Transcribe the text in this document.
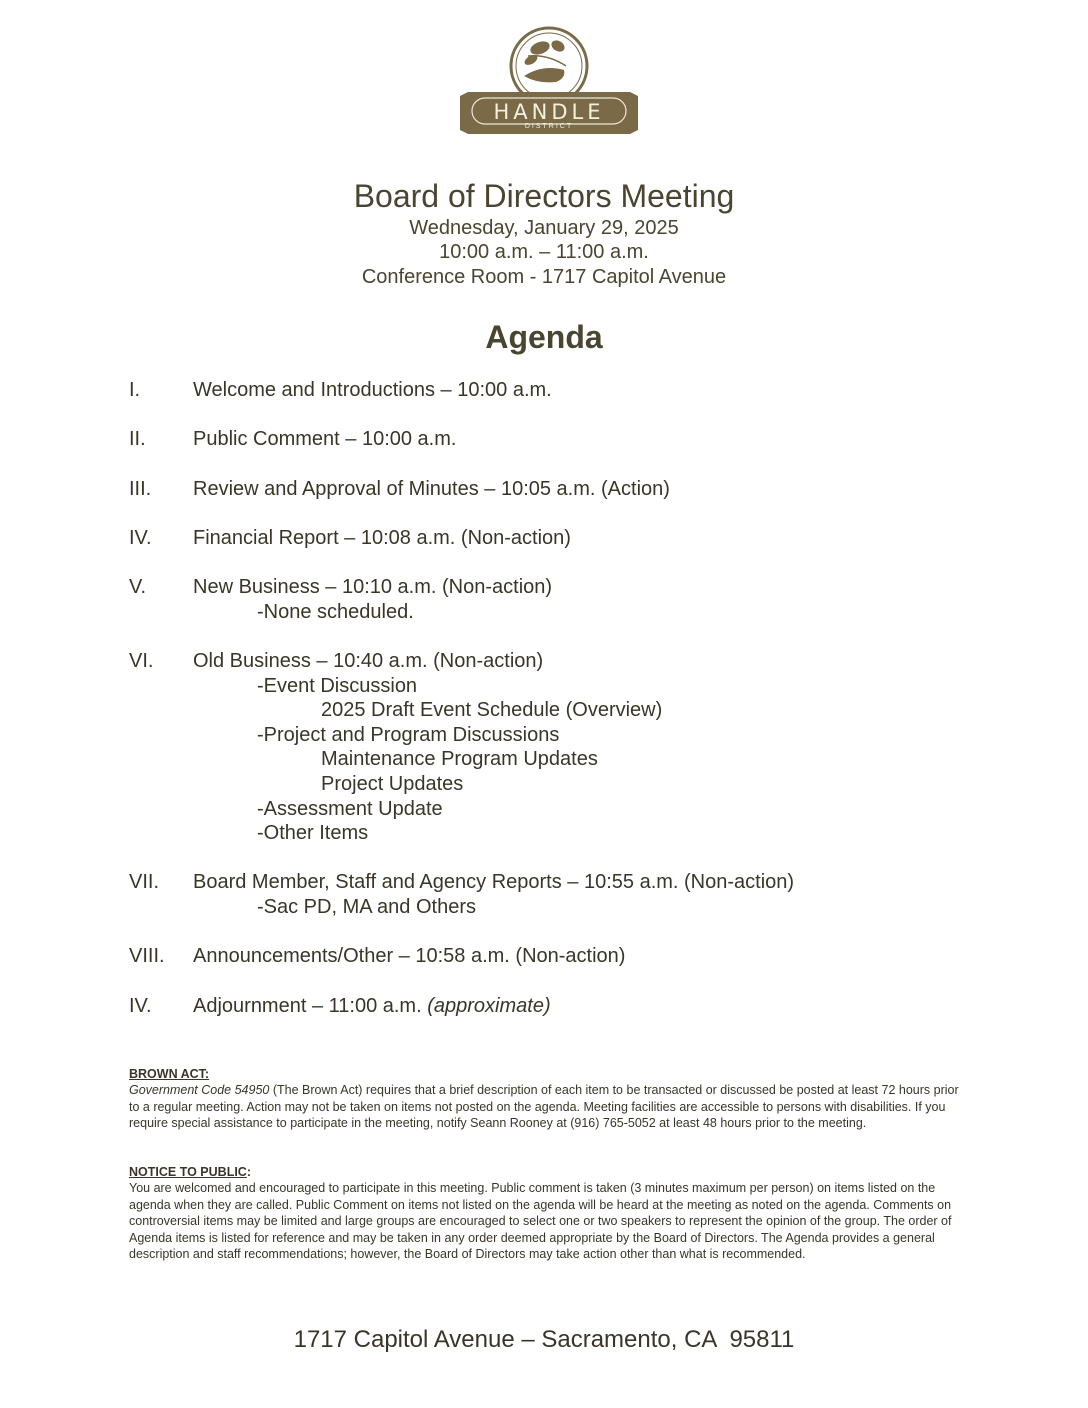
HANDLE
DISTRICT
Board of Directors Meeting
Wednesday, January 29, 2025
10:00 a.m. – 11:00 a.m.
Conference Room - 1717 Capitol Avenue
Agenda
I.	Welcome and Introductions – 10:00 a.m.
II.	Public Comment – 10:00 a.m.
III.	Review and Approval of Minutes – 10:05 a.m. (Action)
IV.	Financial Report – 10:08 a.m. (Non-action)
V.	New Business – 10:10 a.m. (Non-action)
-None scheduled.
VI.	Old Business – 10:40 a.m. (Non-action)
-Event Discussion
2025 Draft Event Schedule (Overview)
-Project and Program Discussions
Maintenance Program Updates
Project Updates
-Assessment Update
-Other Items
VII.	Board Member, Staff and Agency Reports – 10:55 a.m. (Non-action)
-Sac PD, MA and Others
VIII.	Announcements/Other – 10:58 a.m. (Non-action)
IV.	Adjournment – 11:00 a.m. (approximate)
BROWN ACT:
Government Code 54950 (The Brown Act) requires that a brief description of each item to be transacted or discussed be posted at least 72 hours prior to a regular meeting. Action may not be taken on items not posted on the agenda. Meeting facilities are accessible to persons with disabilities. If you require special assistance to participate in the meeting, notify Seann Rooney at (916) 765-5052 at least 48 hours prior to the meeting.
NOTICE TO PUBLIC:
You are welcomed and encouraged to participate in this meeting. Public comment is taken (3 minutes maximum per person) on items listed on the agenda when they are called. Public Comment on items not listed on the agenda will be heard at the meeting as noted on the agenda. Comments on controversial items may be limited and large groups are encouraged to select one or two speakers to represent the opinion of the group. The order of Agenda items is listed for reference and may be taken in any order deemed appropriate by the Board of Directors. The Agenda provides a general description and staff recommendations; however, the Board of Directors may take action other than what is recommended.
1717 Capitol Avenue – Sacramento, CA  95811
